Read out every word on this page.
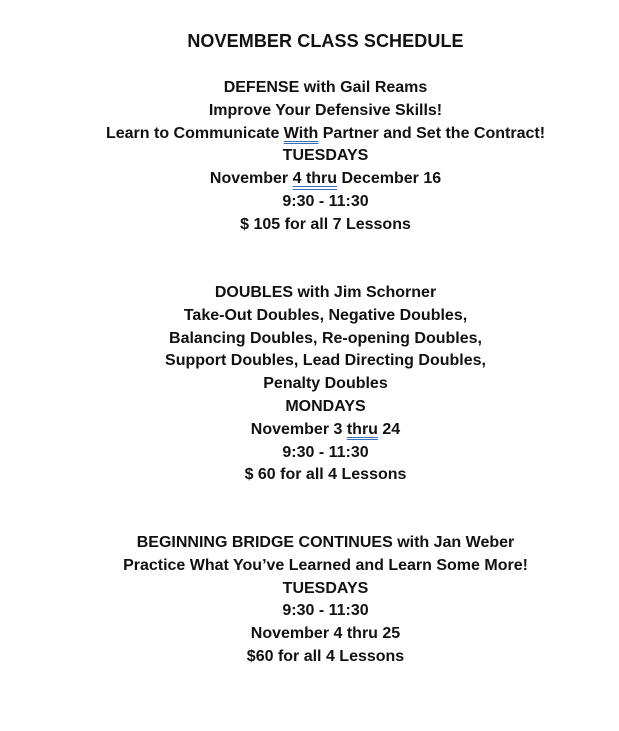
NOVEMBER CLASS SCHEDULE
DEFENSE with Gail Reams
Improve Your Defensive Skills!
Learn to Communicate With Partner and Set the Contract!
TUESDAYS
November 4 thru December 16
9:30 - 11:30
$ 105 for all 7 Lessons
DOUBLES with Jim Schorner
Take-Out Doubles, Negative Doubles,
Balancing Doubles, Re-opening Doubles,
Support Doubles, Lead Directing Doubles,
Penalty Doubles
MONDAYS
November 3 thru 24
9:30 - 11:30
$ 60 for all 4 Lessons
BEGINNING BRIDGE CONTINUES with Jan Weber
Practice What You’ve Learned and Learn Some More!
TUESDAYS
9:30 - 11:30
November 4 thru 25
$60 for all 4 Lessons
